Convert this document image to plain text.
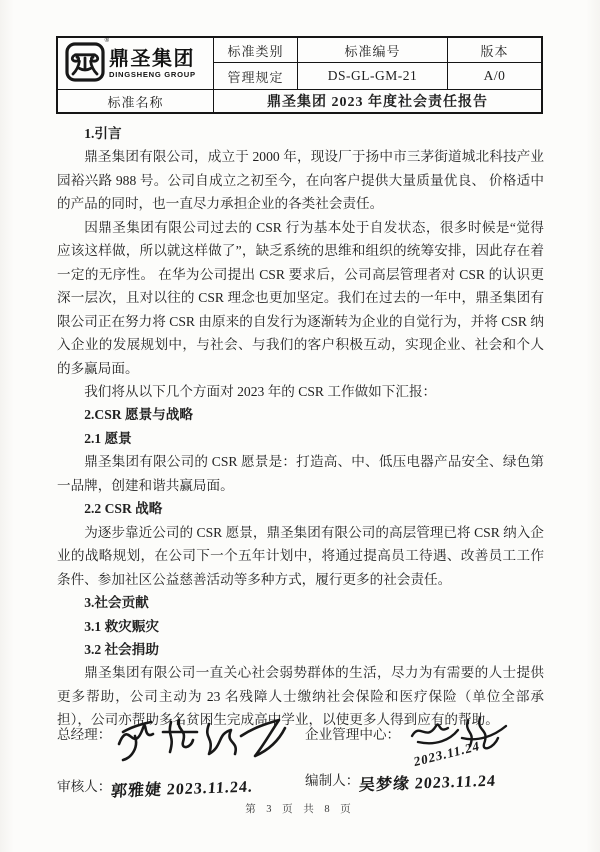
®
鼎圣集团
DINGSHENG GROUP
标准类别	标准编号	版本
管理规定	DS-GL-GM-21	A/0
标准名称	鼎圣集团 2023 年度社会责任报告

1.引言

鼎圣集团有限公司，成立于 2000 年，现设厂于扬中市三茅街道城北科技产业园裕兴路 988 号。公司自成立之初至今，在向客户提供大量质量优良、 价格适中的产品的同时，也一直尽力承担企业的各类社会责任。

因鼎圣集团有限公司过去的 CSR 行为基本处于自发状态，很多时候是“觉得应该这样做，所以就这样做了”，缺乏系统的思维和组织的统筹安排，因此存在着一定的无序性。 在华为公司提出 CSR 要求后，公司高层管理者对 CSR 的认识更深一层次，且对以往的 CSR 理念也更加坚定。我们在过去的一年中，鼎圣集团有限公司正在努力将 CSR 由原来的自发行为逐渐转为企业的自觉行为，并将 CSR 纳入企业的发展规划中，与社会、与我们的客户积极互动，实现企业、社会和个人的多赢局面。

我们将从以下几个方面对 2023 年的 CSR 工作做如下汇报：

2.CSR 愿景与战略

2.1 愿景

鼎圣集团有限公司的 CSR 愿景是：打造高、中、低压电器产品安全、绿色第一品牌，创建和谐共赢局面。

2.2 CSR 战略

为逐步靠近公司的 CSR 愿景，鼎圣集团有限公司的高层管理已将 CSR 纳入企业的战略规划，在公司下一个五年计划中，将通过提高员工待遇、改善员工工作条件、参加社区公益慈善活动等多种方式，履行更多的社会责任。

3.社会贡献

3.1 救灾赈灾

3.2 社会捐助

鼎圣集团有限公司一直关心社会弱势群体的生活，尽力为有需要的人士提供更多帮助，公司主动为 23 名残障人士缴纳社会保险和医疗保险（单位全部承担），公司亦帮助多名贫困生完成高中学业，以使更多人得到应有的帮助。

总经理：
审核人： 郭雅婕 2023.11.24.
企业管理中心：
2023.11.24
编制人： 吴梦缘 2023.11.24
第 3 页 共 8 页
